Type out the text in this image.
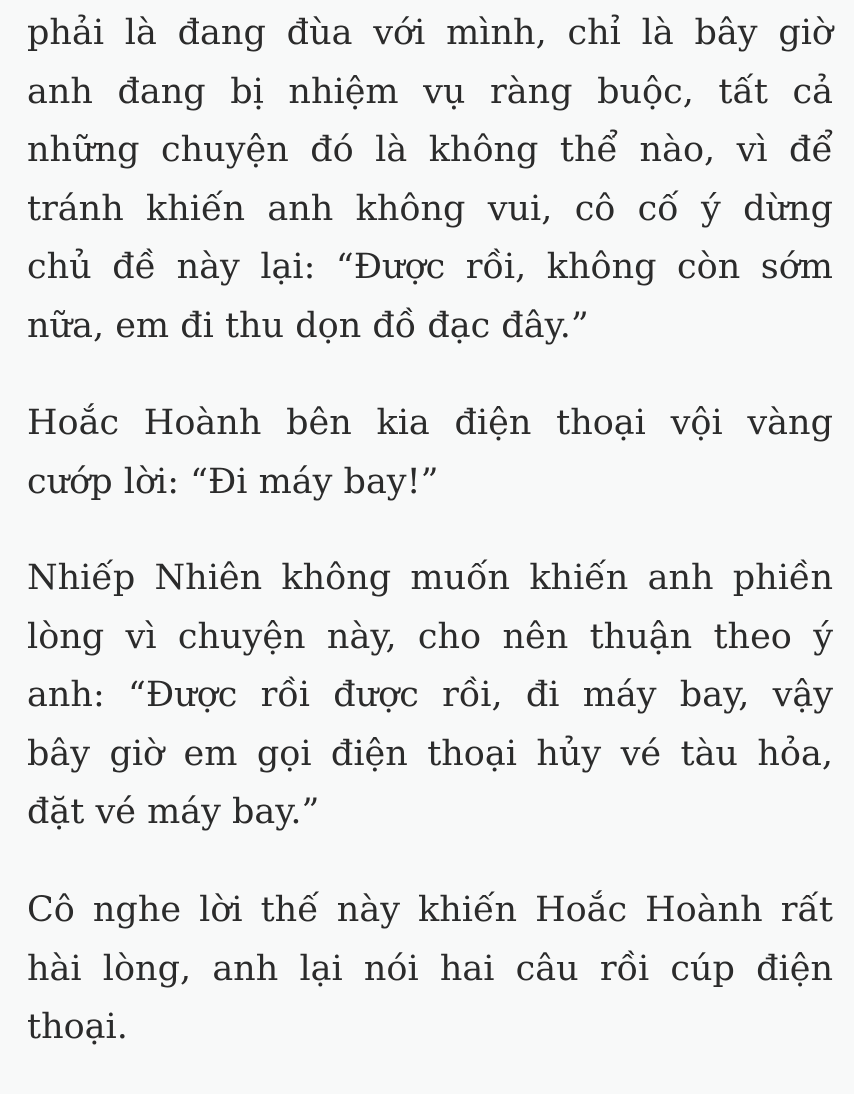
phải là đang đùa với mình, chỉ là bây giờ
anh đang bị nhiệm vụ ràng buộc, tất cả
những chuyện đó là không thể nào, vì để
tránh khiến anh không vui, cô cố ý dừng
chủ đề này lại: “Được rồi, không còn sớm
nữa, em đi thu dọn đồ đạc đây.”
Hoắc Hoành bên kia điện thoại vội vàng
cướp lời: “Đi máy bay!”
Nhiếp Nhiên không muốn khiến anh phiền
lòng vì chuyện này, cho nên thuận theo ý
anh: “Được rồi được rồi, đi máy bay, vậy
bây giờ em gọi điện thoại hủy vé tàu hỏa,
đặt vé máy bay.”
Cô nghe lời thế này khiến Hoắc Hoành rất
hài lòng, anh lại nói hai câu rồi cúp điện
thoại.
